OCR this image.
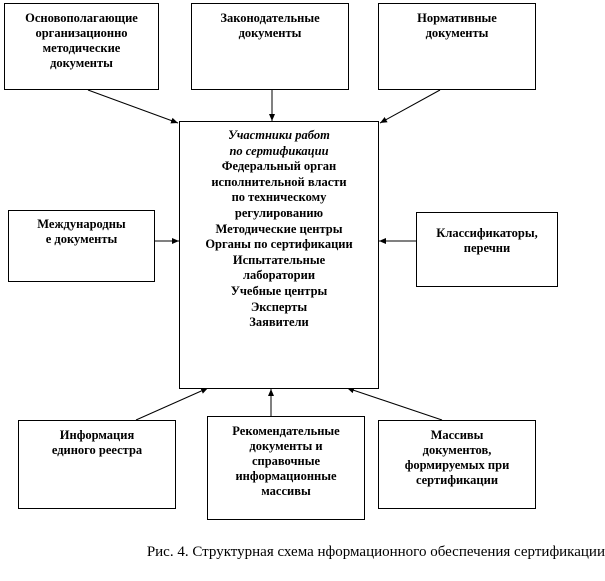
Основополагающие
организационно
методические
документы
Законодательные
документы
Нормативные
документы
Международны
е документы	Классификаторы,
перечни
Участники работ
по сертификации
Федеральный орган
исполнительной власти
по техническому
регулированию
Методические центры
Органы по сертификации
Испытательные
лаборатории
Учебные центры
Эксперты
Заявители
Информация
единого реестра
Рекомендательные
документы и
справочные
информационные
массивы
Массивы
документов,
формируемых при
сертификации
Рис. 4. Структурная схема нформационного обеспечения сертификации
